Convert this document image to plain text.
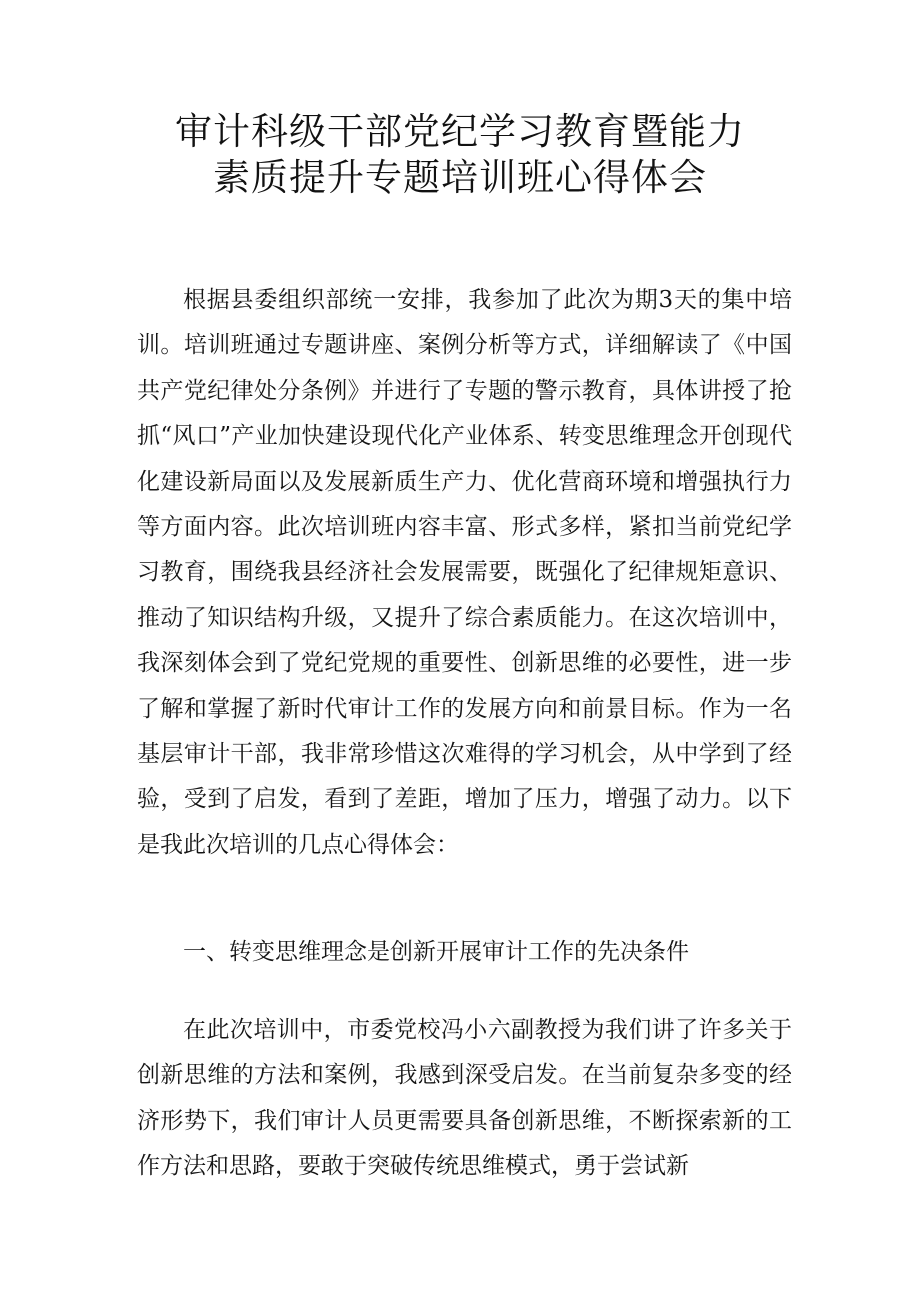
审计科级干部党纪学习教育暨能力
素质提升专题培训班心得体会

根据县委组织部统一安排，我参加了此次为期3天的集中培训。培训班通过专题讲座、案例分析等方式，详细解读了《中国共产党纪律处分条例》并进行了专题的警示教育，具体讲授了抢抓“风口”产业加快建设现代化产业体系、转变思维理念开创现代化建设新局面以及发展新质生产力、优化营商环境和增强执行力等方面内容。此次培训班内容丰富、形式多样，紧扣当前党纪学习教育，围绕我县经济社会发展需要，既强化了纪律规矩意识、推动了知识结构升级，又提升了综合素质能力。在这次培训中，我深刻体会到了党纪党规的重要性、创新思维的必要性，进一步了解和掌握了新时代审计工作的发展方向和前景目标。作为一名基层审计干部，我非常珍惜这次难得的学习机会，从中学到了经验，受到了启发，看到了差距，增加了压力，增强了动力。以下是我此次培训的几点心得体会：

一、转变思维理念是创新开展审计工作的先决条件

在此次培训中，市委党校冯小六副教授为我们讲了许多关于创新思维的方法和案例，我感到深受启发。在当前复杂多变的经济形势下，我们审计人员更需要具备创新思维，不断探索新的工作方法和思路，要敢于突破传统思维模式，勇于尝试新
